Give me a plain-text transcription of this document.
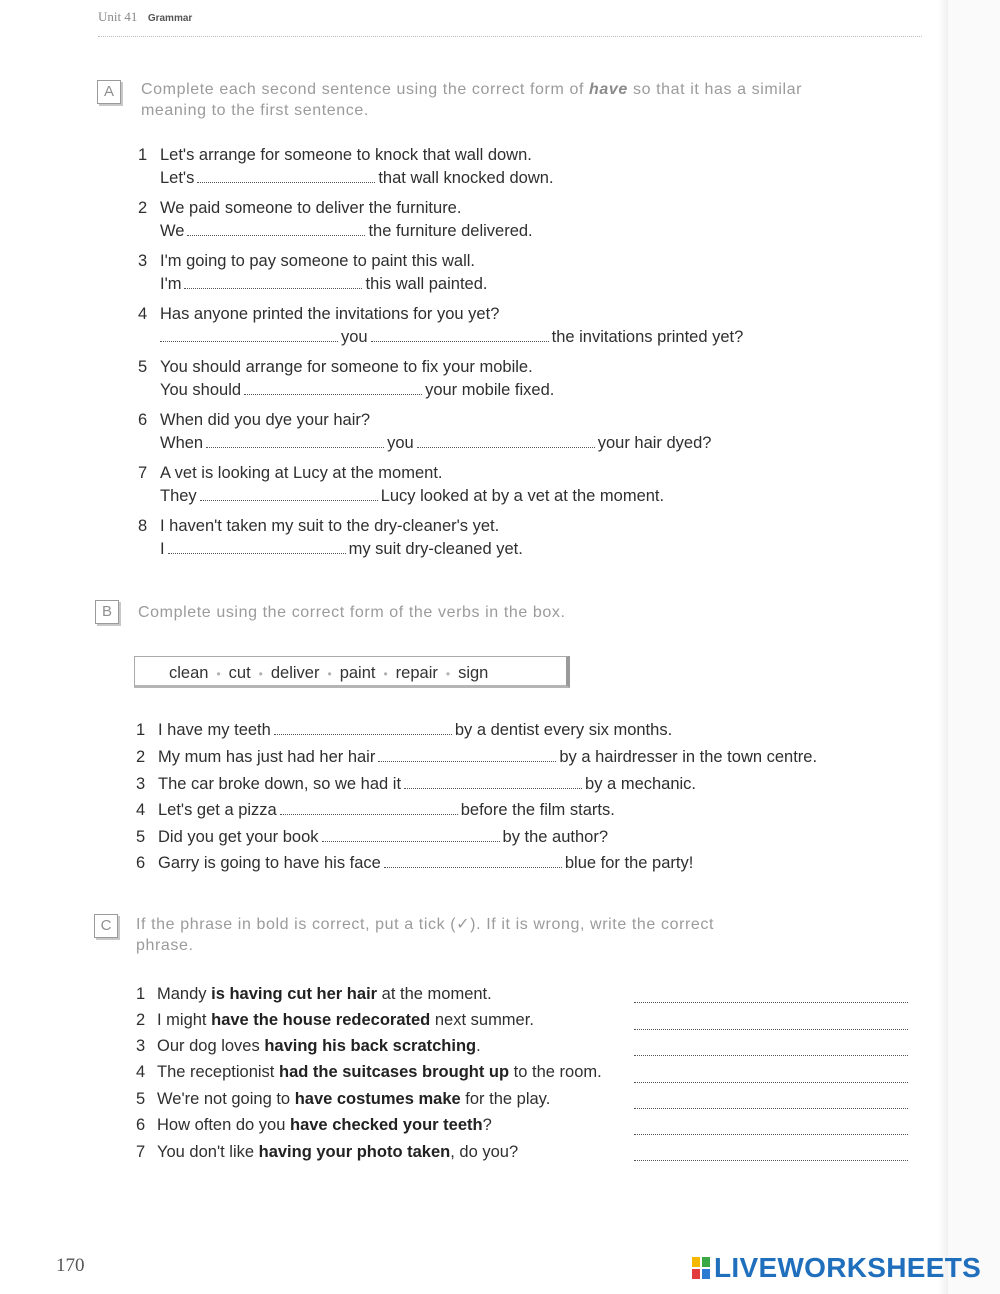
Unit 41 Grammar
A	Complete each second sentence using the correct form of have so that it has a similar meaning to the first sentence.
1 Let's arrange for someone to knock that wall down.
Let's	that wall knocked down.
2 We paid someone to deliver the furniture.
We	the furniture delivered.
3 I'm going to pay someone to paint this wall.
I'm	this wall painted.
4 Has anyone printed the invitations for you yet?
you	the invitations printed yet?
5 You should arrange for someone to fix your mobile.
You should	your mobile fixed.
6 When did you dye your hair?
When	you	your hair dyed?
7 A vet is looking at Lucy at the moment.
They	Lucy looked at by a vet at the moment.
8 I haven't taken my suit to the dry-cleaner's yet.
I	my suit dry-cleaned yet.
B	Complete using the correct form of the verbs in the box.
clean • cut • deliver • paint • repair • sign
1 I have my teeth	by a dentist every six months.
2 My mum has just had her hair	by a hairdresser in the town centre.
3 The car broke down, so we had it	by a mechanic.
4 Let's get a pizza	before the film starts.
5 Did you get your book	by the author?
6 Garry is going to have his face	blue for the party!
C	If the phrase in bold is correct, put a tick (✓). If it is wrong, write the correct phrase.
1 Mandy is having cut her hair at the moment.
2 I might have the house redecorated next summer.
3 Our dog loves having his back scratching.
4 The receptionist had the suitcases brought up to the room.
5 We're not going to have costumes make for the play.
6 How often do you have checked your teeth?
7 You don't like having your photo taken, do you?
170	LIVEWORKSHEETS
